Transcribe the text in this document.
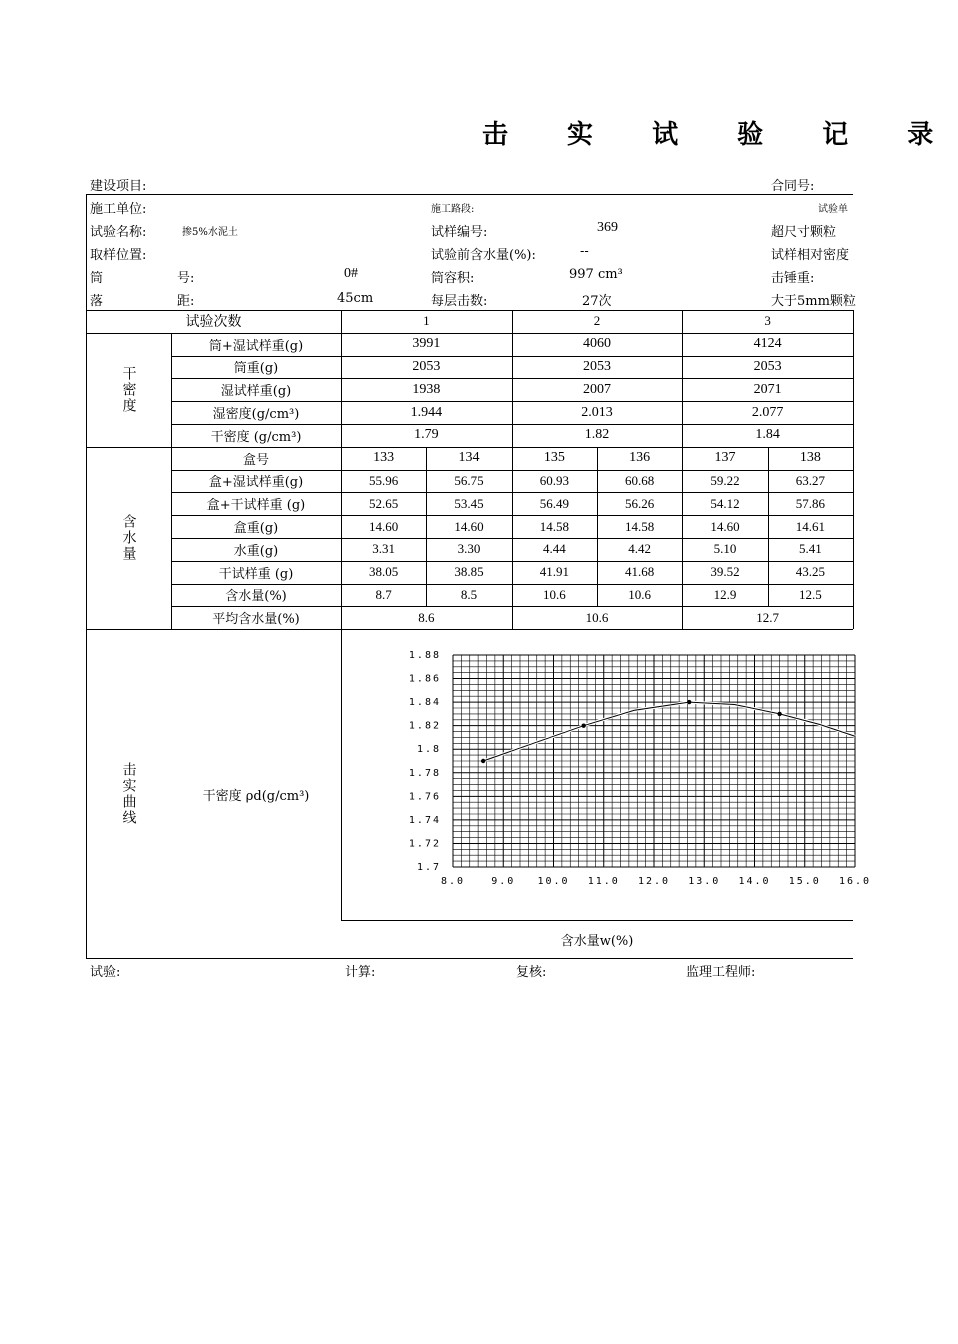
击 实 试 验 记 录
建设项目:	合同号:
施工单位:	施工路段:	试验单
试验名称:	掺5%水泥土	试样编号:	369	超尺寸颗粒
取样位置:	试验前含水量(%):	--	试样相对密度
筒	号:	0#	筒容积:	997 cm³	击锤重:
落	距:	45cm	每层击数:	27次	大于5mm颗粒
试验次数	1	2	3
筒+湿试样重(g)	3991	4060	4124
筒重(g)	2053	2053	2053
湿试样重(g)	1938	2007	2071
湿密度(g/cm³)	1.944	2.013	2.077
干密度 (g/cm³)	1.79	1.82	1.84
干密度
盒号	133	134	135	136	137	138
盒+湿试样重(g)	55.96	56.75	60.93	60.68	59.22	63.27
盒+干试样重 (g)	52.65	53.45	56.49	56.26	54.12	57.86
盒重(g)	14.60	14.60	14.58	14.58	14.60	14.61
水重(g)	3.31	3.30	4.44	4.42	5.10	5.41
干试样重 (g)	38.05	38.85	41.91	41.68	39.52	43.25
含水量(%)	8.7	8.5	10.6	10.6	12.9	12.5
平均含水量(%)	8.6	10.6	12.7
含水量
击实曲线	干密度 ρd(g/cm³)
含水量w(%)
1.88
1.86
1.84
1.82
1.8
1.78
1.76
1.74
1.72
1.7
8.0	9.0 10.0 11.0 12.0 13.0 14.0 15.0 16.0
试验:	计算:	复核:	监理工程师:
